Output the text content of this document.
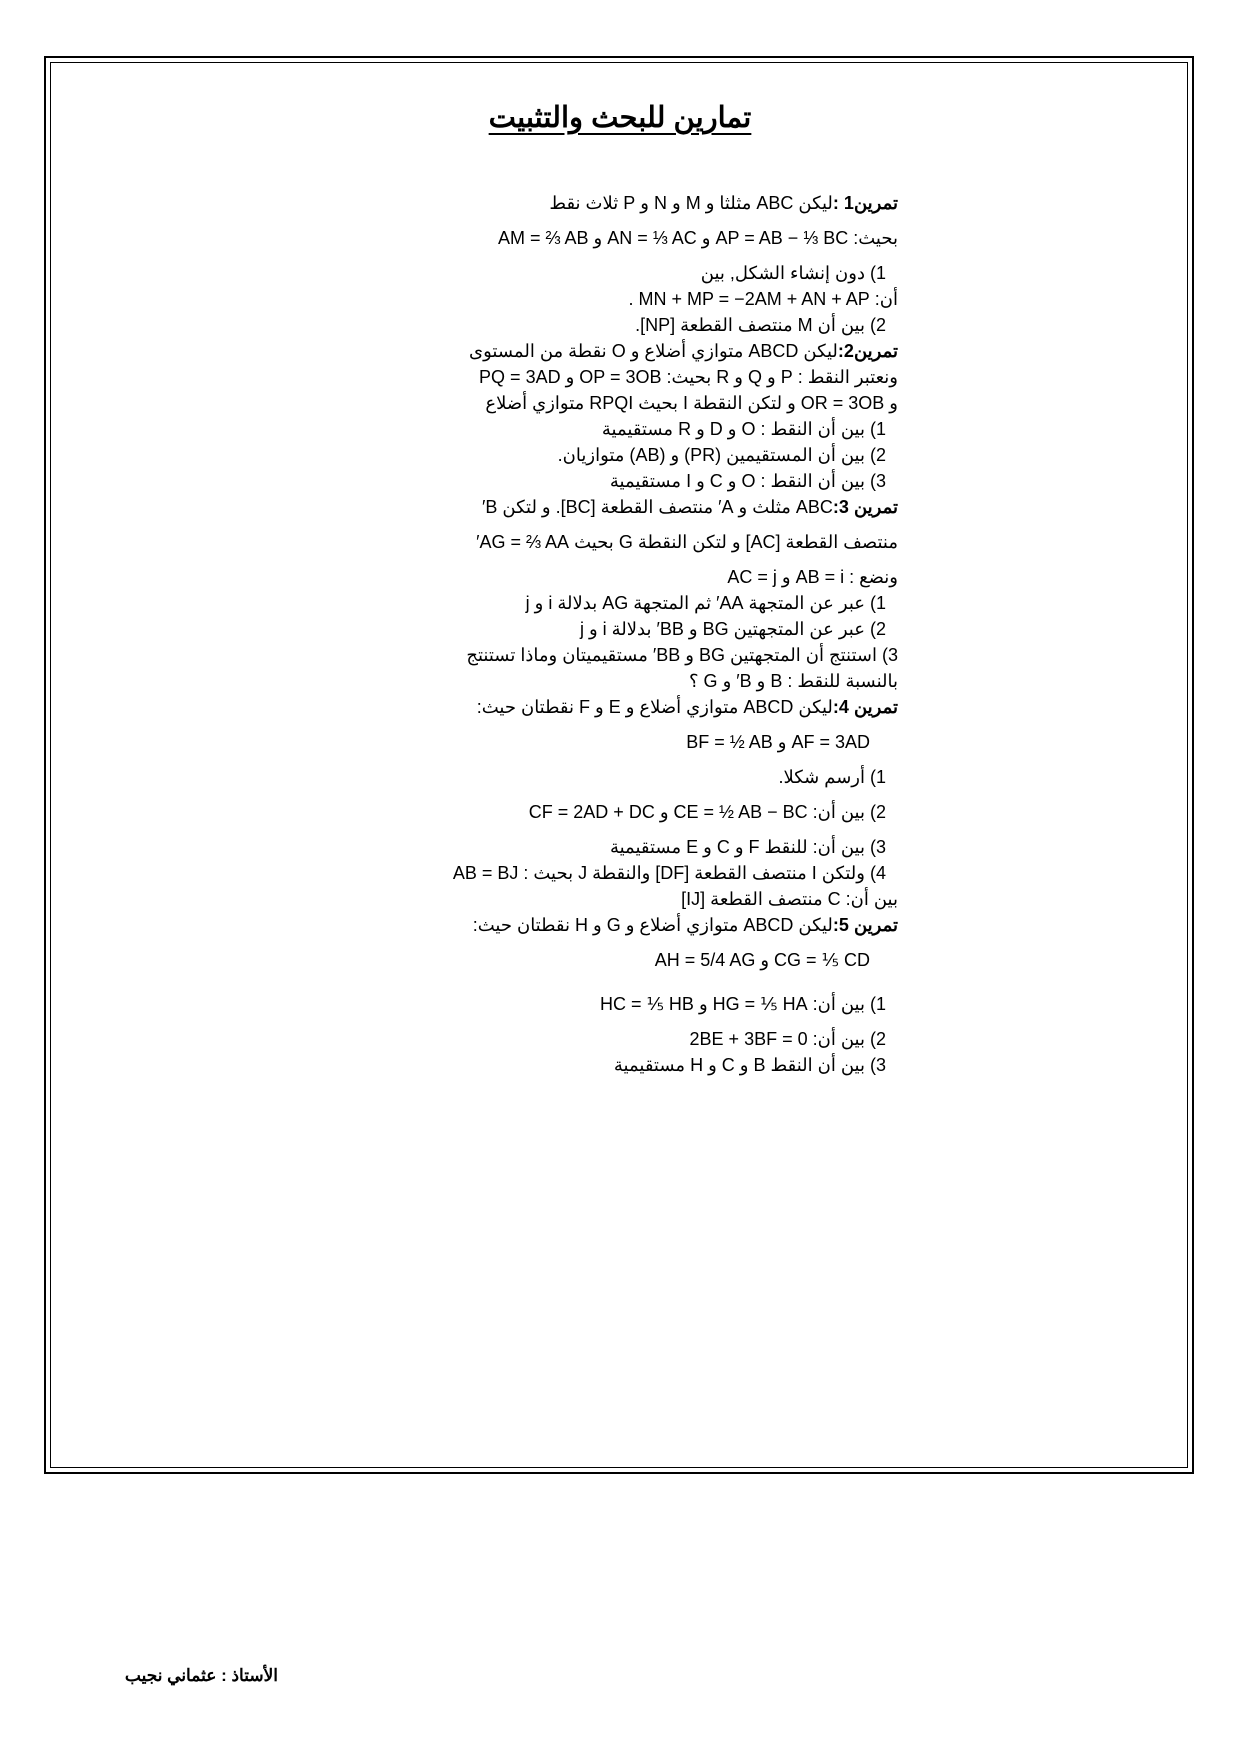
تمارين للبحث والتثبيت
تمرين1 :ليكن ABC مثلثا و M و N و P ثلاث نقط
بحيث: AP = AB − ⅓ BC و AN = ⅓ AC و AM = ⅔ AB
1) دون إنشاء الشكل, بين
أن: MN + MP = −2AM + AN + AP .
2) بين أن M منتصف القطعة [NP].
تمرين2:ليكن ABCD متوازي أضلاع و O نقطة من المستوى
ونعتبر النقط : P و Q و R بحيث: OP = 3OB و PQ = 3AD
و OR = 3OB و لتكن النقطة I بحيث RPQI متوازي أضلاع
1) بين أن النقط : O و D و R مستقيمية
2) بين أن المستقيمين (PR) و (AB) متوازيان.
3) بين أن النقط : O و C و I مستقيمية
تمرين 3:ABC مثلث و A′ منتصف القطعة [BC]. و لتكن B′
منتصف القطعة [AC] و لتكن النقطة G بحيث AG = ⅔ AA′
ونضع : AB = i و AC = j
1) عبر عن المتجهة AA′ ثم المتجهة AG بدلالة i و j
2) عبر عن المتجهتين BG و BB′ بدلالة i و j
3) استنتج أن المتجهتين BG و BB′ مستقيميتان وماذا تستنتج
بالنسبة للنقط : B و B′ و G ؟
تمرين 4:ليكن ABCD متوازي أضلاع و E و F نقطتان حيث:
AF = 3AD و BF = ½ AB
1) أرسم شكلا.
2) بين أن: CE = ½ AB − BC و CF = 2AD + DC
3) بين أن: للنقط F و C و E مستقيمية
4) ولتكن I منتصف القطعة [DF] والنقطة J بحيث : AB = BJ
بين أن: C منتصف القطعة [IJ]
تمرين 5:ليكن ABCD متوازي أضلاع و G و H نقطتان حيث:
CG = ⅕ CD و AH = 5/4 AG
1) بين أن: HG = ⅕ HA و HC = ⅕ HB
2) بين أن: 2BE + 3BF = 0
3) بين أن النقط B و C و H مستقيمية
الأستاذ : عثماني نجيب
